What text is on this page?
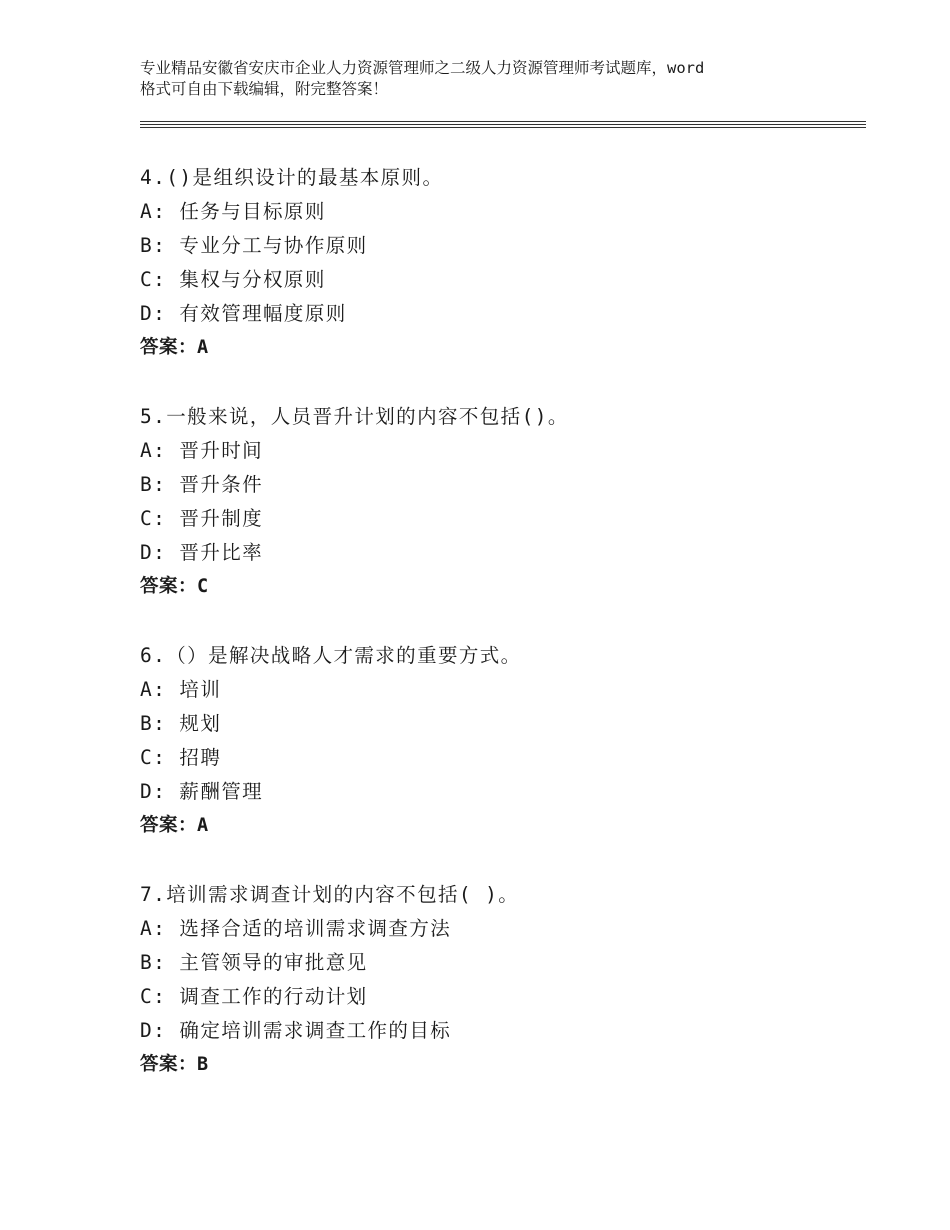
专业精品安徽省安庆市企业人力资源管理师之二级人力资源管理师考试题库，word
格式可自由下载编辑，附完整答案！
4.()是组织设计的最基本原则。
A: 任务与目标原则
B: 专业分工与协作原则
C: 集权与分权原则
D: 有效管理幅度原则
答案：A
5.一般来说，人员晋升计划的内容不包括()。
A: 晋升时间
B: 晋升条件
C: 晋升制度
D: 晋升比率
答案：C
6.（）是解决战略人才需求的重要方式。
A: 培训
B: 规划
C: 招聘
D: 薪酬管理
答案：A
7.培训需求调查计划的内容不包括( )。
A: 选择合适的培训需求调查方法
B: 主管领导的审批意见
C: 调查工作的行动计划
D: 确定培训需求调查工作的目标
答案：B
